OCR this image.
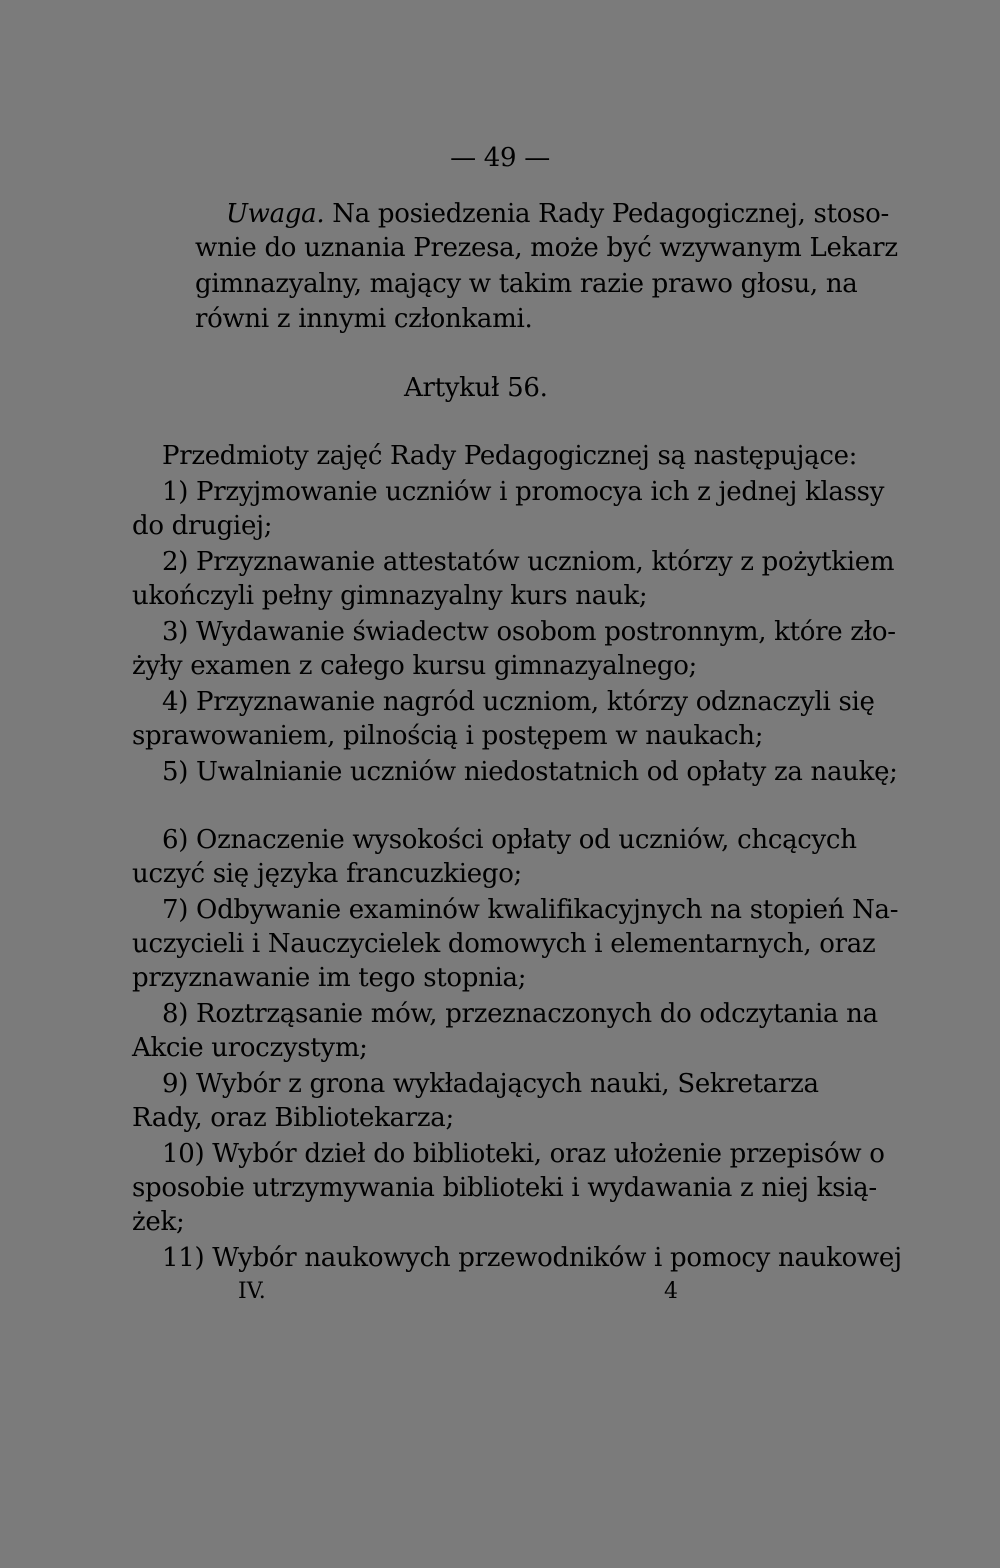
— 49 —
Uwaga. Na posiedzenia Rady Pedagogicznej, stoso-
wnie do uznania Prezesa, może być wzywanym Lekarz
gimnazyalny, mający w takim razie prawo głosu, na
równi z innymi członkami.
Artykuł 56.
Przedmioty zajęć Rady Pedagogicznej są następujące:
1) Przyjmowanie uczniów i promocya ich z jednej klassy
do drugiej;
2) Przyznawanie attestatów uczniom, którzy z pożytkiem
ukończyli pełny gimnazyalny kurs nauk;
3) Wydawanie świadectw osobom postronnym, które zło-
żyły examen z całego kursu gimnazyalnego;
4) Przyznawanie nagród uczniom, którzy odznaczyli się
sprawowaniem, pilnością i postępem w naukach;
5) Uwalnianie uczniów niedostatnich od opłaty za naukę;
6) Oznaczenie wysokości opłaty od uczniów, chcących
uczyć się języka francuzkiego;
7) Odbywanie examinów kwalifikacyjnych na stopień Na-
uczycieli i Nauczycielek domowych i elementarnych, oraz
przyznawanie im tego stopnia;
8) Roztrząsanie mów, przeznaczonych do odczytania na
Akcie uroczystym;
9) Wybór z grona wykładających nauki, Sekretarza
Rady, oraz Bibliotekarza;
10) Wybór dzieł do biblioteki, oraz ułożenie przepisów o
sposobie utrzymywania biblioteki i wydawania z niej ksią-
żek;
11) Wybór naukowych przewodników i pomocy naukowej
IV.	4
